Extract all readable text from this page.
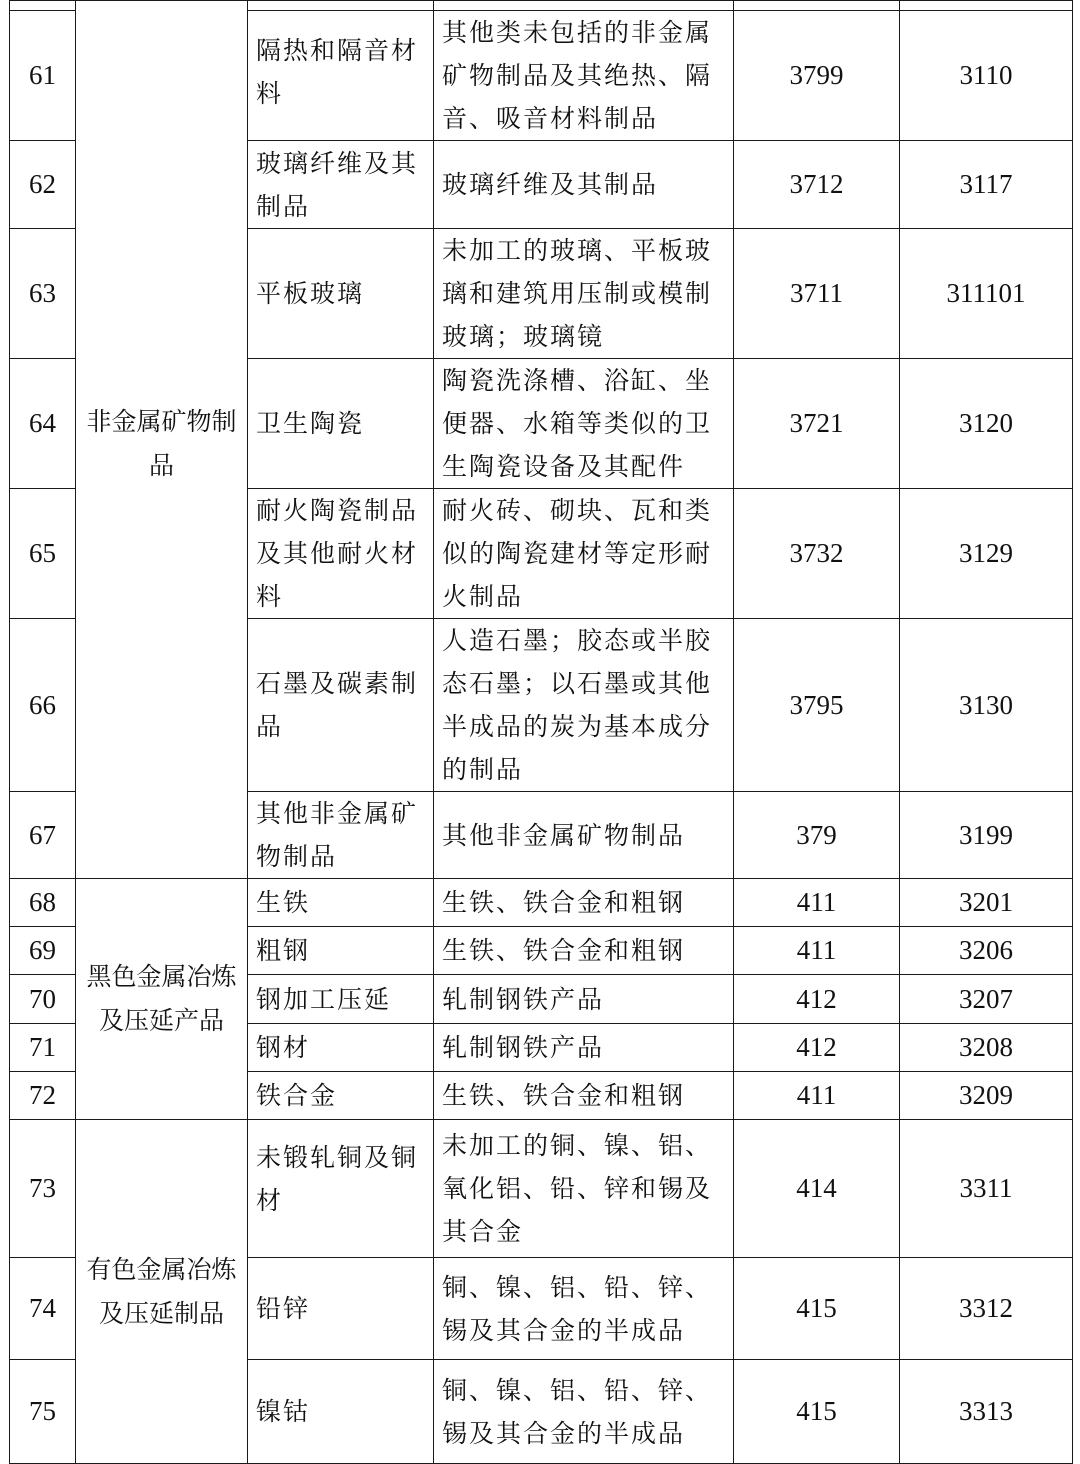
61	非金属矿物制品	隔热和隔音材料	其他类未包括的非金属矿物制品及其绝热、隔音、吸音材料制品	3799	3110
62		玻璃纤维及其制品	玻璃纤维及其制品	3712	3117
63		平板玻璃	未加工的玻璃、平板玻璃和建筑用压制或模制玻璃；玻璃镜	3711	311101
64		卫生陶瓷	陶瓷洗涤槽、浴缸、坐便器、水箱等类似的卫生陶瓷设备及其配件	3721	3120
65		耐火陶瓷制品及其他耐火材料	耐火砖、砌块、瓦和类似的陶瓷建材等定形耐火制品	3732	3129
66		石墨及碳素制品	人造石墨；胶态或半胶态石墨；以石墨或其他半成品的炭为基本成分的制品	3795	3130
67		其他非金属矿物制品	其他非金属矿物制品	379	3199
68	黑色金属冶炼及压延产品	生铁	生铁、铁合金和粗钢	411	3201
69		粗钢	生铁、铁合金和粗钢	411	3206
70		钢加工压延	轧制钢铁产品	412	3207
71		钢材	轧制钢铁产品	412	3208
72		铁合金	生铁、铁合金和粗钢	411	3209
73	有色金属冶炼及压延制品	未锻轧铜及铜材	未加工的铜、镍、铝、氧化铝、铅、锌和锡及其合金	414	3311
74		铅锌	铜、镍、铝、铅、锌、锡及其合金的半成品	415	3312
75		镍钴	铜、镍、铝、铅、锌、锡及其合金的半成品	415	3313
